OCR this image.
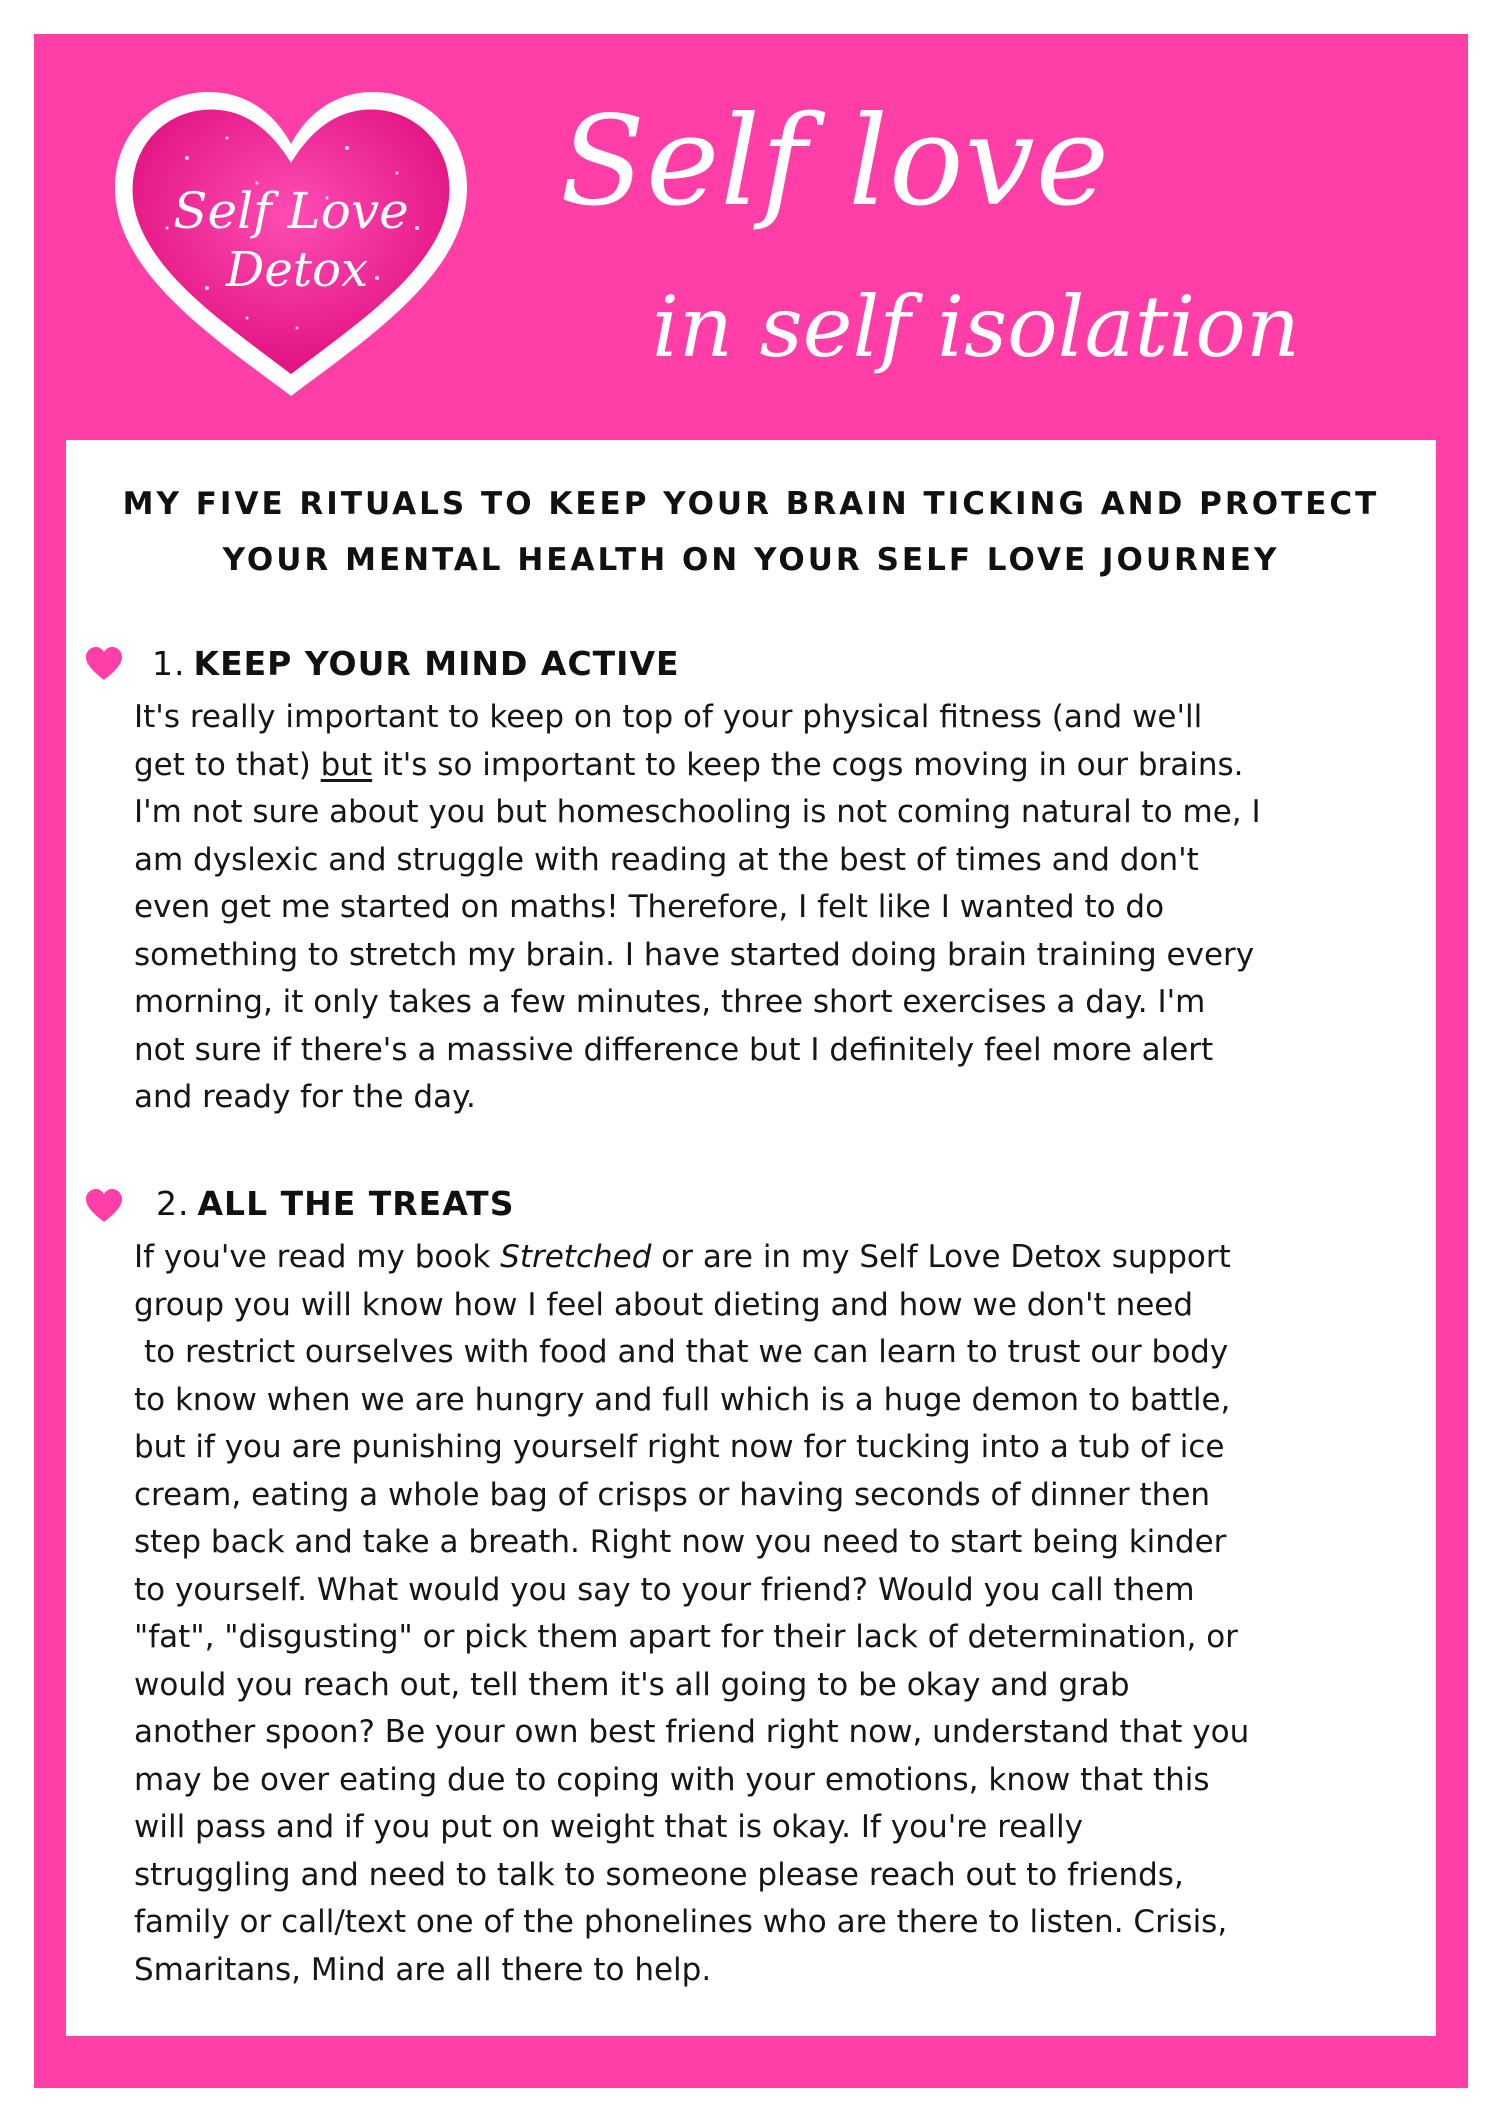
Self Love
Detox
Self love
in self isolation
MY FIVE RITUALS TO KEEP YOUR BRAIN TICKING AND PROTECT
YOUR MENTAL HEALTH ON YOUR SELF LOVE JOURNEY
1. KEEP YOUR MIND ACTIVE
It's really important to keep on top of your physical fitness (and we'll
get to that) but it's so important to keep the cogs moving in our brains.
I'm not sure about you but homeschooling is not coming natural to me, I
am dyslexic and struggle with reading at the best of times and don't
even get me started on maths! Therefore, I felt like I wanted to do
something to stretch my brain. I have started doing brain training every
morning, it only takes a few minutes, three short exercises a day. I'm
not sure if there's a massive difference but I definitely feel more alert
and ready for the day.
2. ALL THE TREATS
If you've read my book Stretched or are in my Self Love Detox support
group you will know how I feel about dieting and how we don't need
to restrict ourselves with food and that we can learn to trust our body
to know when we are hungry and full which is a huge demon to battle,
but if you are punishing yourself right now for tucking into a tub of ice
cream, eating a whole bag of crisps or having seconds of dinner then
step back and take a breath. Right now you need to start being kinder
to yourself. What would you say to your friend? Would you call them
"fat", "disgusting" or pick them apart for their lack of determination, or
would you reach out, tell them it's all going to be okay and grab
another spoon? Be your own best friend right now, understand that you
may be over eating due to coping with your emotions, know that this
will pass and if you put on weight that is okay. If you're really
struggling and need to talk to someone please reach out to friends,
family or call/text one of the phonelines who are there to listen. Crisis,
Smaritans, Mind are all there to help.
